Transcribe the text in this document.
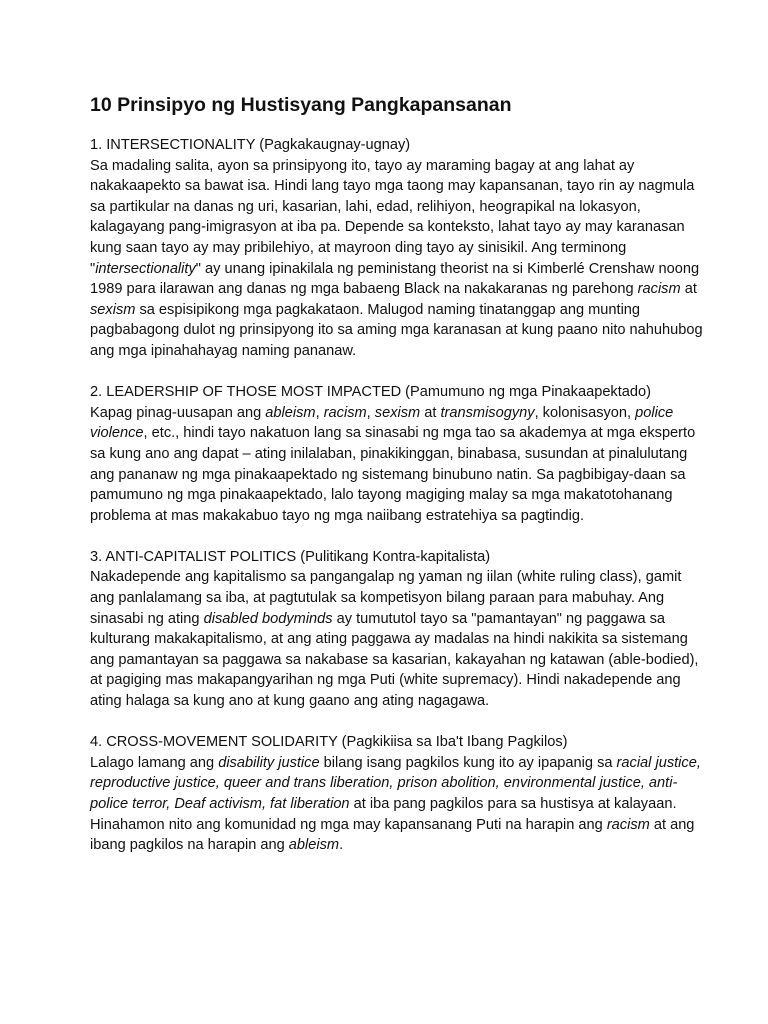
10 Prinsipyo ng Hustisyang Pangkapansanan
1. INTERSECTIONALITY (Pagkakaugnay-ugnay)
Sa madaling salita, ayon sa prinsipyong ito, tayo ay maraming bagay at ang lahat ay nakakaapekto sa bawat isa. Hindi lang tayo mga taong may kapansanan, tayo rin ay nagmula sa partikular na danas ng uri, kasarian, lahi, edad, relihiyon, heograpikal na lokasyon, kalagayang pang-imigrasyon at iba pa. Depende sa konteksto, lahat tayo ay may karanasan kung saan tayo ay may pribilehiyo, at mayroon ding tayo ay sinisikil. Ang terminong "intersectionality" ay unang ipinakilala ng peministang theorist na si Kimberlé Crenshaw noong 1989 para ilarawan ang danas ng mga babaeng Black na nakakaranas ng parehong racism at sexism sa espisipikong mga pagkakataon. Malugod naming tinatanggap ang munting pagbabagong dulot ng prinsipyong ito sa aming mga karanasan at kung paano nito nahuhubog ang mga ipinahahayag naming pananaw.
2. LEADERSHIP OF THOSE MOST IMPACTED (Pamumuno ng mga Pinakaapektado)
Kapag pinag-uusapan ang ableism, racism, sexism at transmisogyny, kolonisasyon, police violence, etc., hindi tayo nakatuon lang sa sinasabi ng mga tao sa akademya at mga eksperto sa kung ano ang dapat – ating inilalaban, pinakikinggan, binabasa, susundan at pinalulutang ang pananaw ng mga pinakaapektado ng sistemang binubuno natin. Sa pagbibigay-daan sa pamumuno ng mga pinakaapektado, lalo tayong magiging malay sa mga makatotohanang problema at mas makakabuo tayo ng mga naiibang estratehiya sa pagtindig.
3. ANTI-CAPITALIST POLITICS (Pulitikang Kontra-kapitalista)
Nakadepende ang kapitalismo sa pangangalap ng yaman ng iilan (white ruling class), gamit ang panlalamang sa iba, at pagtutulak sa kompetisyon bilang paraan para mabuhay. Ang sinasabi ng ating disabled bodyminds ay tumututol tayo sa "pamantayan" ng paggawa sa kulturang makakapitalismo, at ang ating paggawa ay madalas na hindi nakikita sa sistemang ang pamantayan sa paggawa sa nakabase sa kasarian, kakayahan ng katawan (able-bodied), at pagiging mas makapangyarihan ng mga Puti (white supremacy). Hindi nakadepende ang ating halaga sa kung ano at kung gaano ang ating nagagawa.
4. CROSS-MOVEMENT SOLIDARITY (Pagkikiisa sa Iba't Ibang Pagkilos)
Lalago lamang ang disability justice bilang isang pagkilos kung ito ay ipapanig sa racial justice, reproductive justice, queer and trans liberation, prison abolition, environmental justice, anti-police terror, Deaf activism, fat liberation at iba pang pagkilos para sa hustisya at kalayaan. Hinahamon nito ang komunidad ng mga may kapansanang Puti na harapin ang racism at ang ibang pagkilos na harapin ang ableism.
